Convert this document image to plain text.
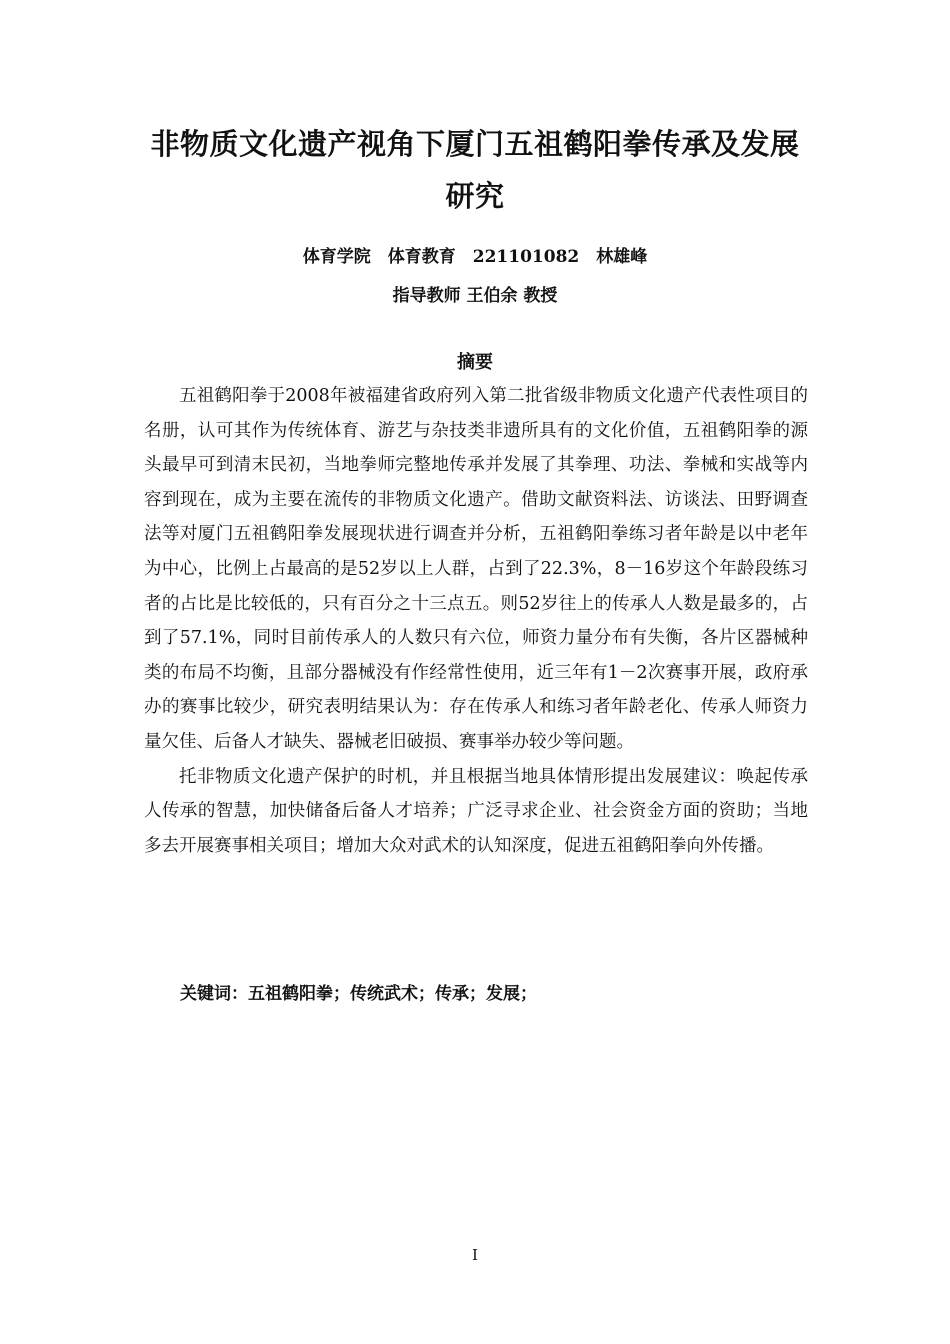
非物质文化遗产视角下厦门五祖鹤阳拳传承及发展研究
体育学院　体育教育　221101082　林雄峰
指导教师 王伯余 教授
摘要

五祖鹤阳拳于2008年被福建省政府列入第二批省级非物质文化遗产代表性项目的名册，认可其作为传统体育、游艺与杂技类非遗所具有的文化价值，五祖鹤阳拳的源头最早可到清末民初，当地拳师完整地传承并发展了其拳理、功法、拳械和实战等内容到现在，成为主要在流传的非物质文化遗产。借助文献资料法、访谈法、田野调查法等对厦门五祖鹤阳拳发展现状进行调查并分析，五祖鹤阳拳练习者年龄是以中老年为中心，比例上占最高的是52岁以上人群，占到了22.3%，8－16岁这个年龄段练习者的占比是比较低的，只有百分之十三点五。则52岁往上的传承人人数是最多的，占到了57.1%，同时目前传承人的人数只有六位，师资力量分布有失衡，各片区器械种类的布局不均衡，且部分器械没有作经常性使用，近三年有1－2次赛事开展，政府承办的赛事比较少，研究表明结果认为：存在传承人和练习者年龄老化、传承人师资力量欠佳、后备人才缺失、器械老旧破损、赛事举办较少等问题。

托非物质文化遗产保护的时机，并且根据当地具体情形提出发展建议：唤起传承人传承的智慧，加快储备后备人才培养；广泛寻求企业、社会资金方面的资助；当地多去开展赛事相关项目；增加大众对武术的认知深度，促进五祖鹤阳拳向外传播。

关键词：五祖鹤阳拳；传统武术；传承；发展；
I
